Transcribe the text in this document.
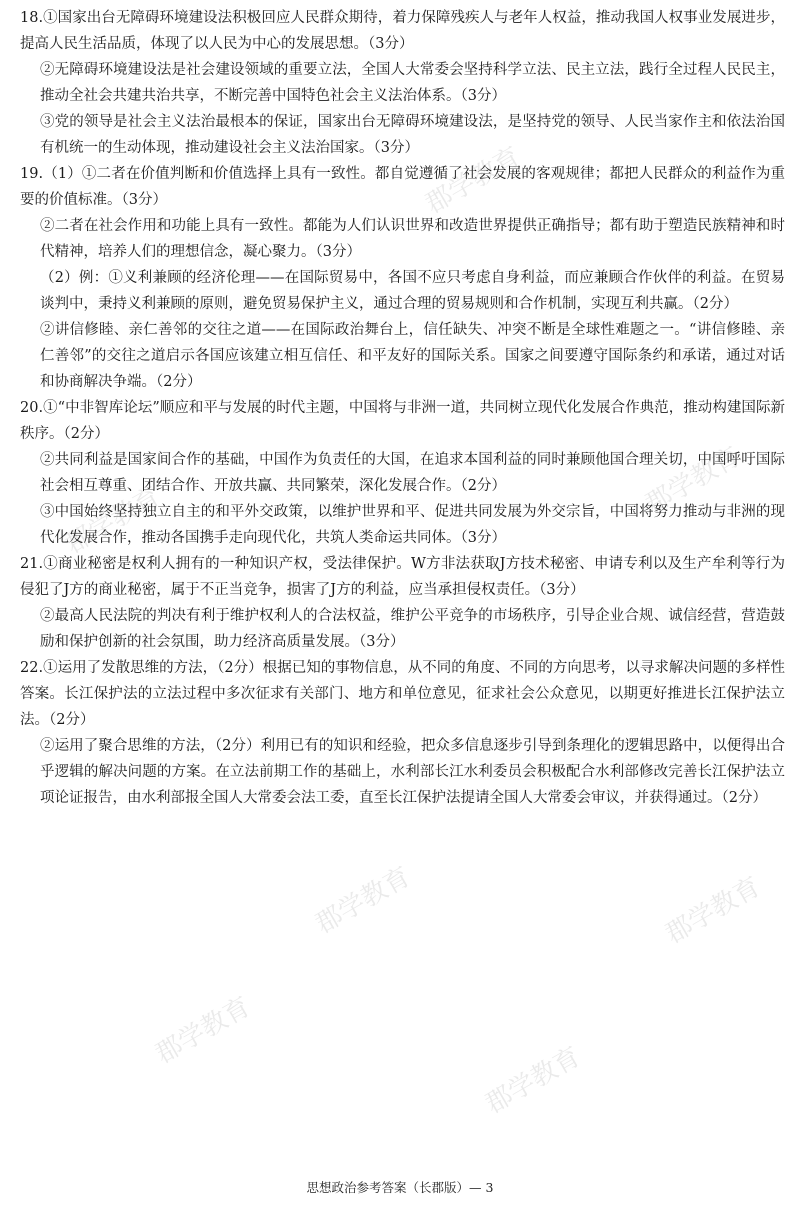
郡学教育
郡学教育
郡学教育
郡学教育	郡学教育
郡学教育
郡学教育

18.①国家出台无障碍环境建设法积极回应人民群众期待，着力保障残疾人与老年人权益，推动我国人权事业发展进步，提高人民生活品质，体现了以人民为中心的发展思想。（3分）

②无障碍环境建设法是社会建设领域的重要立法，全国人大常委会坚持科学立法、民主立法，践行全过程人民民主，推动全社会共建共治共享，不断完善中国特色社会主义法治体系。（3分）

③党的领导是社会主义法治最根本的保证，国家出台无障碍环境建设法，是坚持党的领导、人民当家作主和依法治国有机统一的生动体现，推动建设社会主义法治国家。（3分）

19.（1）①二者在价值判断和价值选择上具有一致性。都自觉遵循了社会发展的客观规律；都把人民群众的利益作为重要的价值标准。（3分）

②二者在社会作用和功能上具有一致性。都能为人们认识世界和改造世界提供正确指导；都有助于塑造民族精神和时代精神，培养人们的理想信念，凝心聚力。（3分）

（2）例：①义利兼顾的经济伦理——在国际贸易中，各国不应只考虑自身利益，而应兼顾合作伙伴的利益。在贸易谈判中，秉持义利兼顾的原则，避免贸易保护主义，通过合理的贸易规则和合作机制，实现互利共赢。（2分）

②讲信修睦、亲仁善邻的交往之道——在国际政治舞台上，信任缺失、冲突不断是全球性难题之一。“讲信修睦、亲仁善邻”的交往之道启示各国应该建立相互信任、和平友好的国际关系。国家之间要遵守国际条约和承诺，通过对话和协商解决争端。（2分）

20.①“中非智库论坛”顺应和平与发展的时代主题，中国将与非洲一道，共同树立现代化发展合作典范，推动构建国际新秩序。（2分）

②共同利益是国家间合作的基础，中国作为负责任的大国，在追求本国利益的同时兼顾他国合理关切，中国呼吁国际社会相互尊重、团结合作、开放共赢、共同繁荣，深化发展合作。（2分）

③中国始终坚持独立自主的和平外交政策，以维护世界和平、促进共同发展为外交宗旨，中国将努力推动与非洲的现代化发展合作，推动各国携手走向现代化，共筑人类命运共同体。（3分）

21.①商业秘密是权利人拥有的一种知识产权，受法律保护。W方非法获取J方技术秘密、申请专利以及生产牟利等行为侵犯了J方的商业秘密，属于不正当竞争，损害了J方的利益，应当承担侵权责任。（3分）

②最高人民法院的判决有利于维护权利人的合法权益，维护公平竞争的市场秩序，引导企业合规、诚信经营，营造鼓励和保护创新的社会氛围，助力经济高质量发展。（3分）

22.①运用了发散思维的方法，（2分）根据已知的事物信息，从不同的角度、不同的方向思考，以寻求解决问题的多样性答案。长江保护法的立法过程中多次征求有关部门、地方和单位意见，征求社会公众意见，以期更好推进长江保护法立法。（2分）

②运用了聚合思维的方法，（2分）利用已有的知识和经验，把众多信息逐步引导到条理化的逻辑思路中，以便得出合乎逻辑的解决问题的方案。在立法前期工作的基础上，水利部长江水利委员会积极配合水利部修改完善长江保护法立项论证报告，由水利部报全国人大常委会法工委，直至长江保护法提请全国人大常委会审议，并获得通过。（2分）

思想政治参考答案（长郡版）— 3
